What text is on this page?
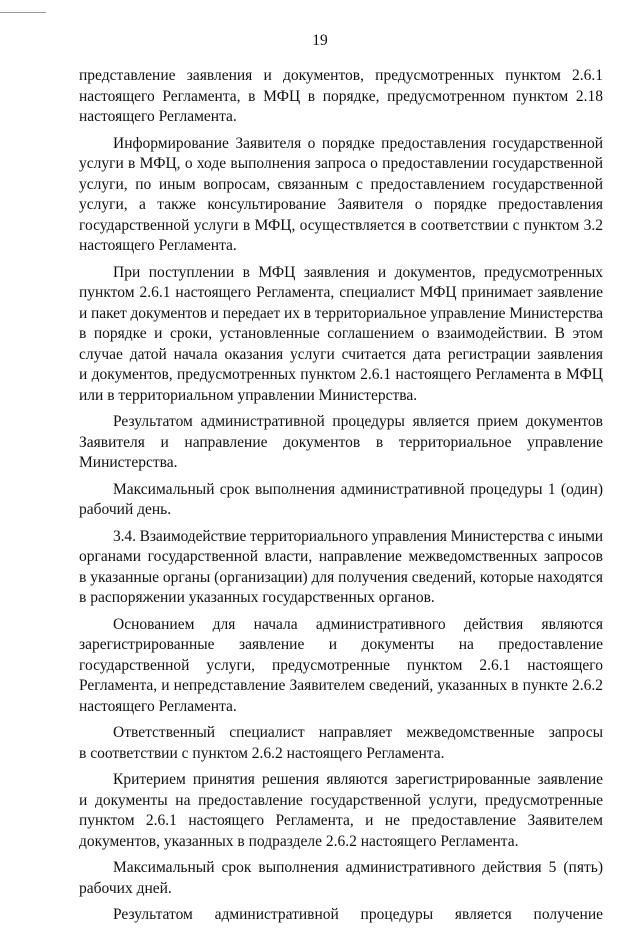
19

представление заявления и документов, предусмотренных пунктом 2.6.1
настоящего Регламента, в МФЦ в порядке, предусмотренном пунктом 2.18
настоящего Регламента.

Информирование Заявителя о порядке предоставления государственной
услуги в МФЦ, о ходе выполнения запроса о предоставлении государственной
услуги, по иным вопросам, связанным с предоставлением государственной
услуги, а также консультирование Заявителя о порядке предоставления
государственной услуги в МФЦ, осуществляется в соответствии с пунктом 3.2
настоящего Регламента.

При поступлении в МФЦ заявления и документов, предусмотренных
пунктом 2.6.1 настоящего Регламента, специалист МФЦ принимает заявление
и пакет документов и передает их в территориальное управление Министерства
в порядке и сроки, установленные соглашением о взаимодействии. В этом
случае датой начала оказания услуги считается дата регистрации заявления
и документов, предусмотренных пунктом 2.6.1 настоящего Регламента в МФЦ
или в территориальном управлении Министерства.

Результатом административной процедуры является прием документов
Заявителя и направление документов в территориальное управление
Министерства.

Максимальный срок выполнения административной процедуры 1 (один)
рабочий день.

3.4. Взаимодействие территориального управления Министерства с иными
органами государственной власти, направление межведомственных запросов
в указанные органы (организации) для получения сведений, которые находятся
в распоряжении указанных государственных органов.

Основанием для начала административного действия являются
зарегистрированные заявление и документы на предоставление
государственной услуги, предусмотренные пунктом 2.6.1 настоящего
Регламента, и непредставление Заявителем сведений, указанных в пункте 2.6.2
настоящего Регламента.

Ответственный специалист направляет межведомственные запросы
в соответствии с пунктом 2.6.2 настоящего Регламента.

Критерием принятия решения являются зарегистрированные заявление
и документы на предоставление государственной услуги, предусмотренные
пунктом 2.6.1 настоящего Регламента, и не предоставление Заявителем
документов, указанных в подразделе 2.6.2 настоящего Регламента.

Максимальный срок выполнения административного действия 5 (пять)
рабочих дней.

Результатом административной процедуры является получение
